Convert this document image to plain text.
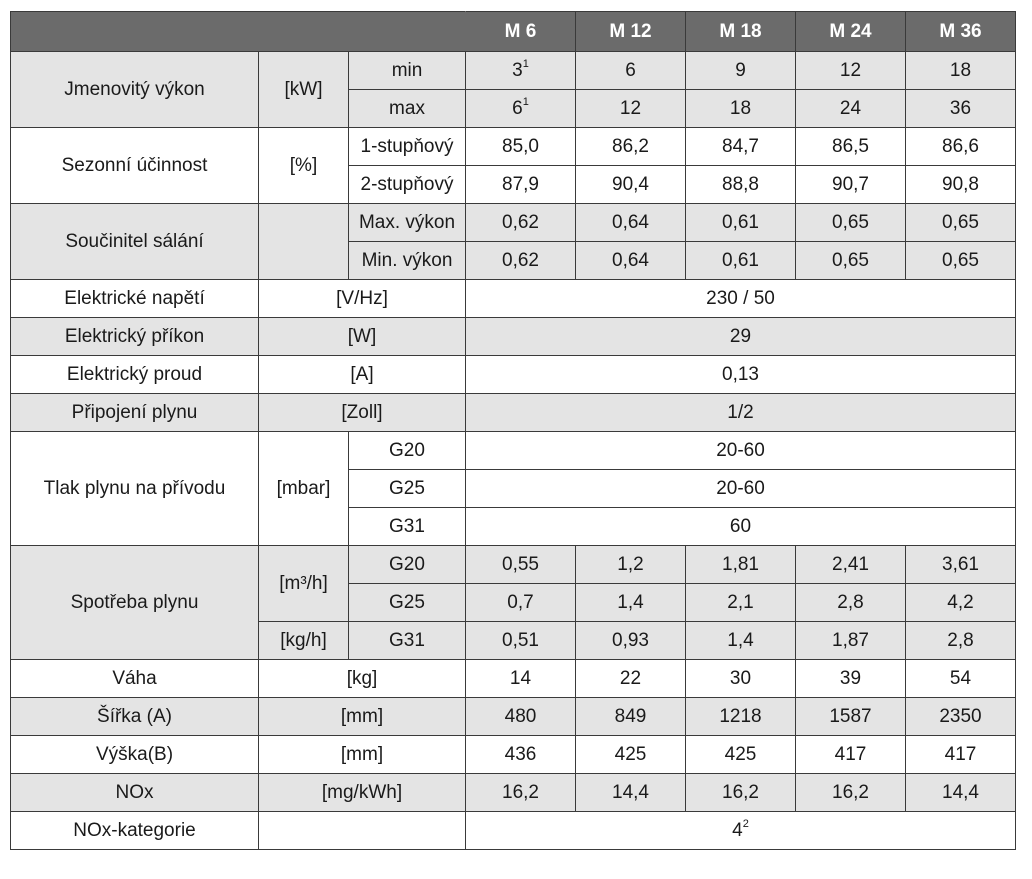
			M 6	M 12	M 18	M 24	M 36
Jmenovitý výkon	[kW]	min	$3^1$	6	9	12	18
		max	$6^1$	12	18	24	36
Sezonní účinnost	[%]	1-stupňový	85,0	86,2	84,7	86,5	86,6
		2-stupňový	87,9	90,4	88,8	90,7	90,8
Součinitel sálání		Max. výkon	0,62	0,64	0,61	0,65	0,65
		Min. výkon	0,62	0,64	0,61	0,65	0,65
Elektrické napětí	[V/Hz]		230 / 50				
Elektrický příkon	[W]		29				
Elektrický proud	[A]		0,13				
Připojení plynu	[Zoll]		1/2				
Tlak plynu na přívodu	[mbar]	G20	20-60				
		G25	20-60				
		G31	60				
Spotřeba plynu	[m³/h]	G20	0,55	1,2	1,81	2,41	3,61
		G25	0,7	1,4	2,1	2,8	4,2
	[kg/h]	G31	0,51	0,93	1,4	1,87	2,8
Váha	[kg]		14	22	30	39	54
Šířka (A)	[mm]		480	849	1218	1587	2350
Výška(B)	[mm]		436	425	425	417	417
NOx	[mg/kWh]		16,2	14,4	16,2	16,2	14,4
NOx-kategorie			$4^2$
